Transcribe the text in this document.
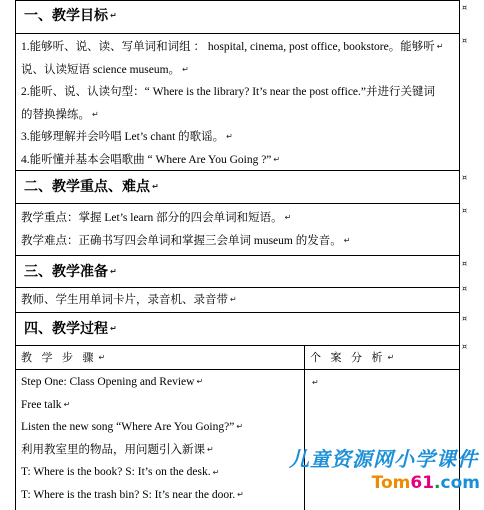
一、教学目标 ↵
1.能够听、说、读、写单词和词组 ： hospital, cinema, post office, bookstore。能够听 ↵
说、认读短语 science museum。 ↵
2.能听、说、认读句型：“ Where is the library? It’s near the post office.”并进行关键词
的替换操练。 ↵
3.能够理解并会吟唱 Let’s chant 的歌谣。 ↵
4.能听懂并基本会唱歌曲 “ Where Are You Going ?” ↵
二、教学重点、难点 ↵
教学重点：掌握 Let’s learn 部分的四会单词和短语。 ↵
教学难点：正确书写四会单词和掌握三会单词 museum 的发音。 ↵
三、教学准备 ↵
教师、学生用单词卡片，录音机、录音带 ↵
四、教学过程 ↵
教 学 步 骤 ↵	个 案 分 析 ↵
Step One: Class Opening and Review ↵
Free talk ↵
Listen the new song “Where Are You Going?” ↵
利用教室里的物品，用问题引入新课 ↵
T: Where is the book? S: It’s on the desk. ↵
T: Where is the trash bin? S: It’s near the door. ↵
↵
¤
¤
¤
¤
¤
¤
¤
¤
儿童资源网小学课件
Tom61.com
